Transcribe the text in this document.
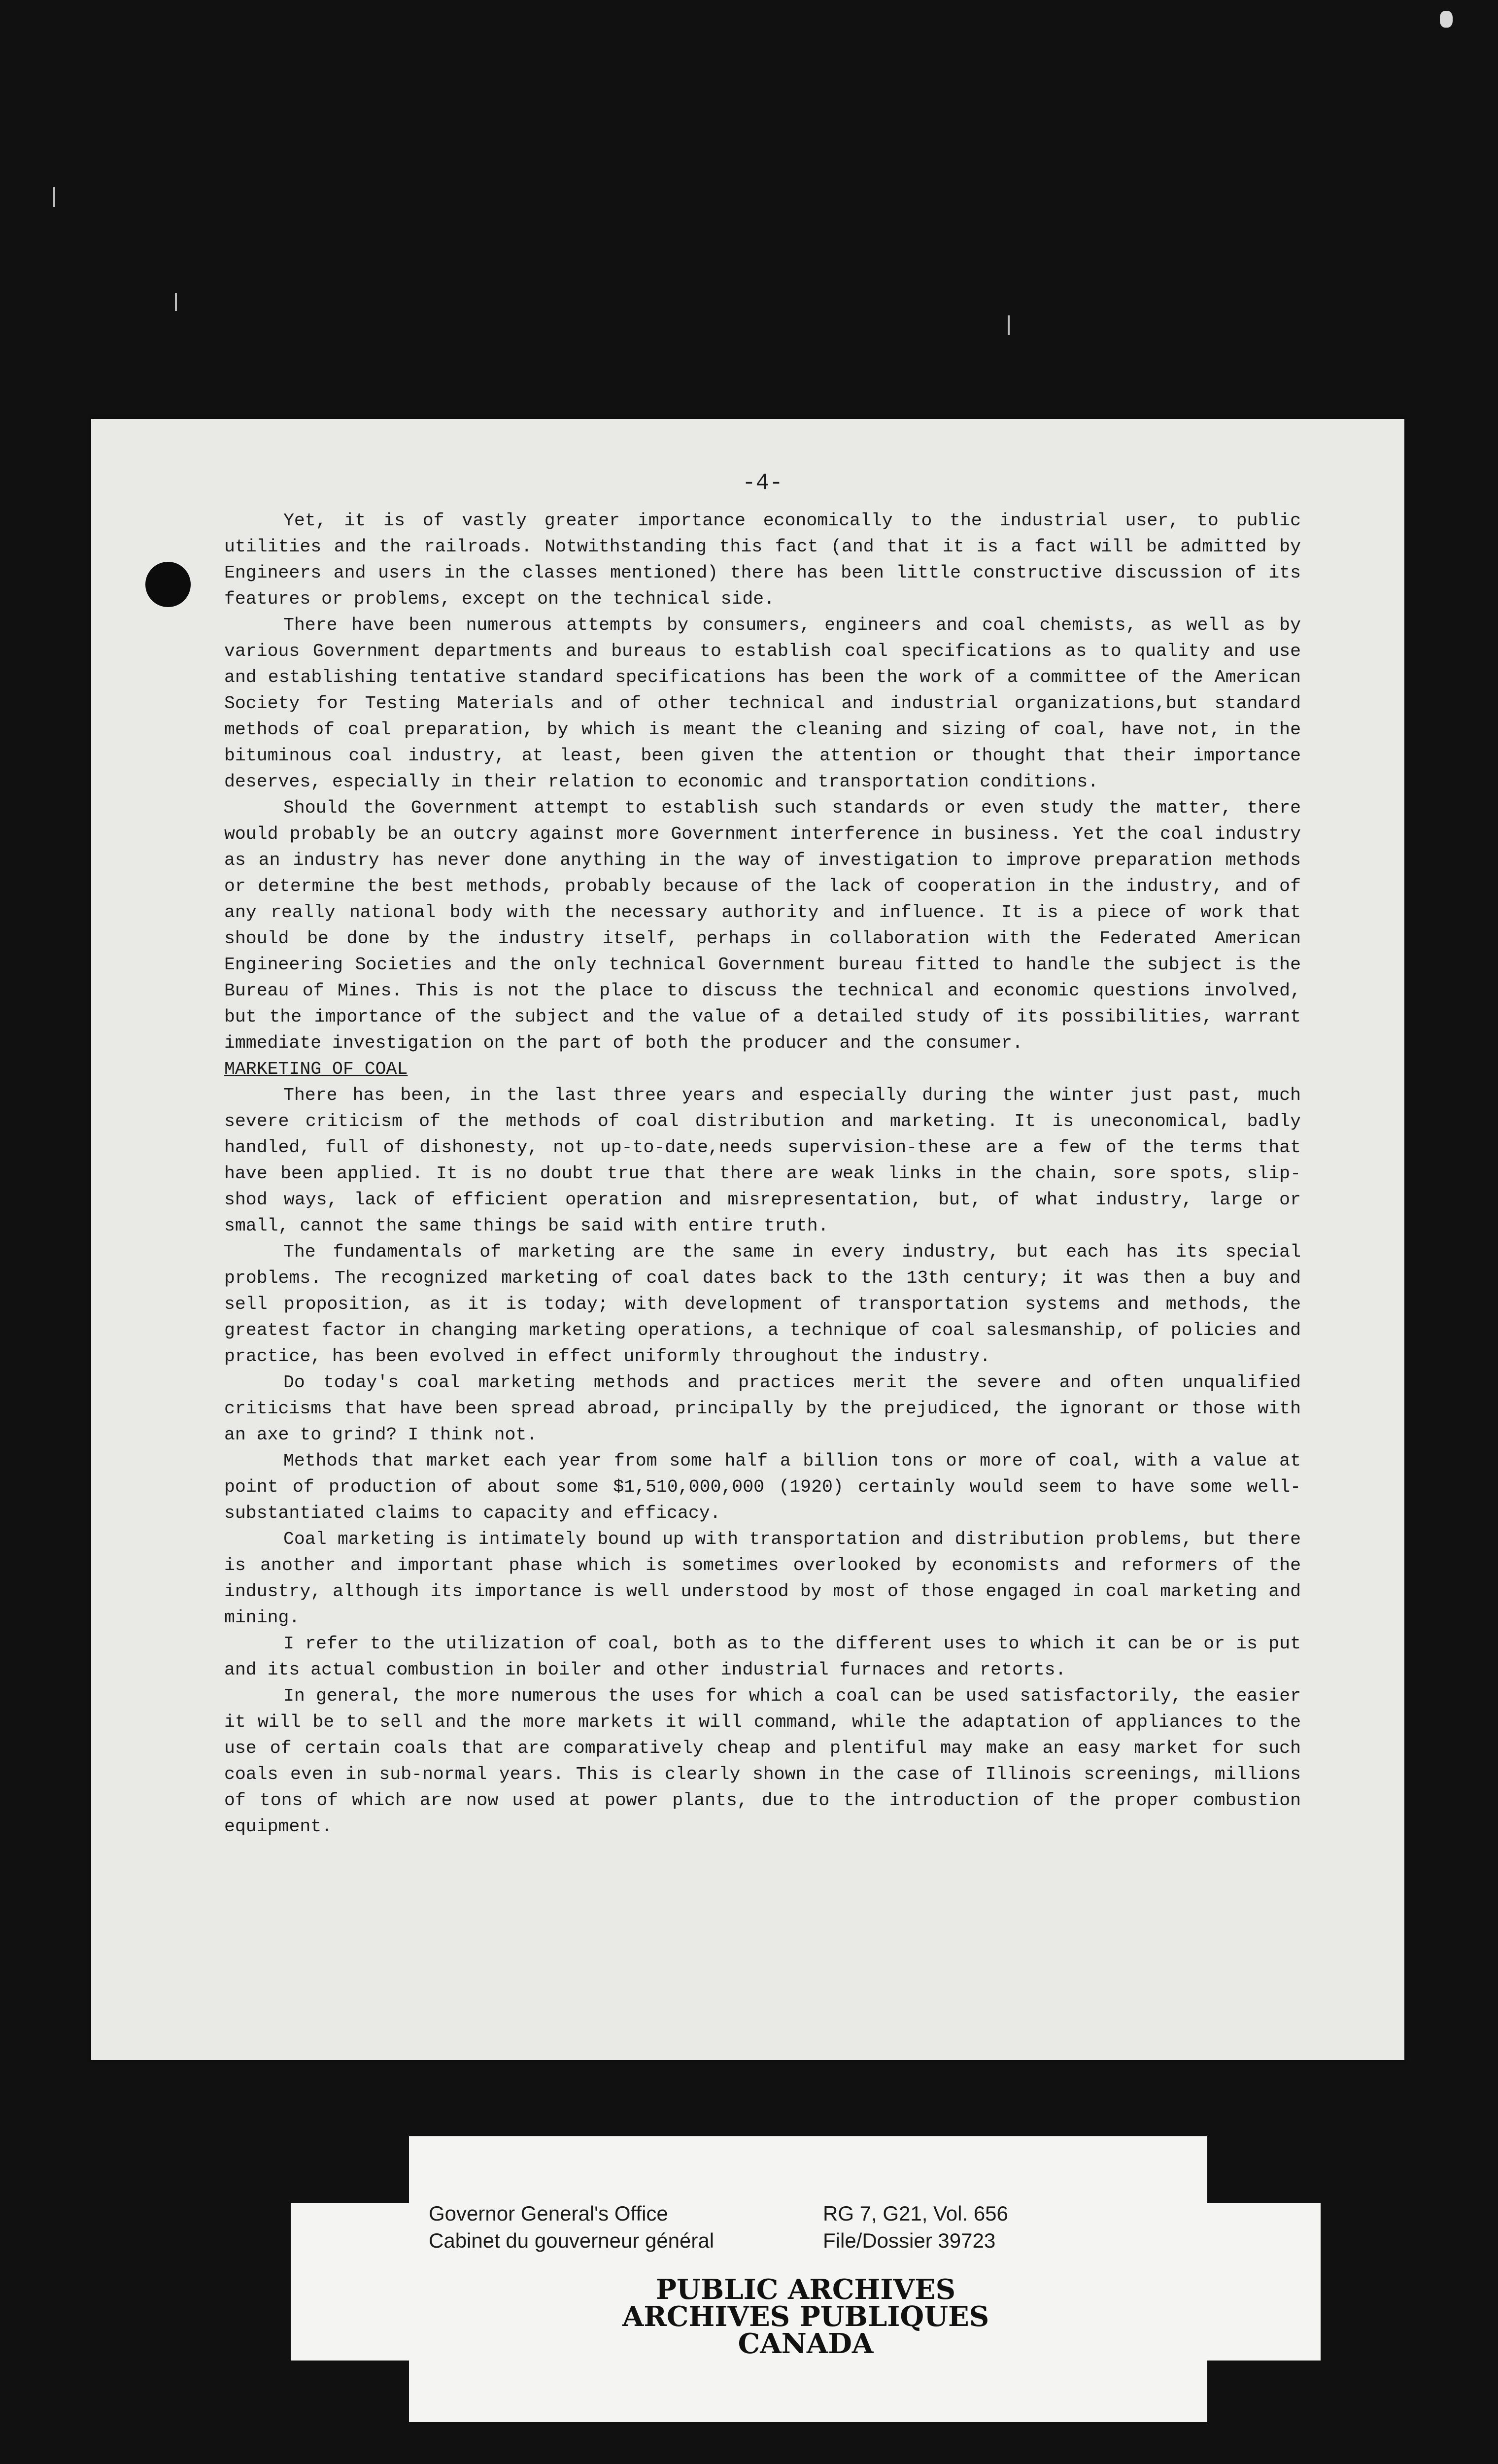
-4-

Yet, it is of vastly greater importance economically to the industrial user, to public utilities and the railroads. Notwithstanding this fact (and that it is a fact will be admitted by Engineers and users in the classes mentioned) there has been little constructive discussion of its features or problems, except on the technical side.

There have been numerous attempts by consumers, engineers and coal chemists, as well as by various Government departments and bureaus to establish coal specifications as to quality and use and establishing tentative standard specifications has been the work of a committee of the American Society for Testing Materials and of other technical and industrial organizations,but standard methods of coal preparation, by which is meant the cleaning and sizing of coal, have not, in the bituminous coal industry, at least, been given the attention or thought that their importance deserves, especially in their relation to economic and transportation conditions.

Should the Government attempt to establish such standards or even study the matter, there would probably be an outcry against more Government interference in business. Yet the coal industry as an industry has never done anything in the way of investigation to improve preparation methods or determine the best methods, probably because of the lack of cooperation in the industry, and of any really national body with the necessary authority and influence. It is a piece of work that should be done by the industry itself, perhaps in collaboration with the Federated American Engineering Societies and the only technical Government bureau fitted to handle the subject is the Bureau of Mines. This is not the place to discuss the technical and economic questions involved, but the importance of the subject and the value of a detailed study of its possibilities, warrant immediate investigation on the part of both the producer and the consumer.

MARKETING OF COAL

There has been, in the last three years and especially during the winter just past, much severe criticism of the methods of coal distribution and marketing. It is uneconomical, badly handled, full of dishonesty, not up-to-date,needs supervision-these are a few of the terms that have been applied. It is no doubt true that there are weak links in the chain, sore spots, slip-shod ways, lack of efficient operation and misrepresentation, but, of what industry, large or small, cannot the same things be said with entire truth.

The fundamentals of marketing are the same in every industry, but each has its special problems. The recognized marketing of coal dates back to the 13th century; it was then a buy and sell proposition, as it is today; with development of transportation systems and methods, the greatest factor in changing marketing operations, a technique of coal salesmanship, of policies and practice, has been evolved in effect uniformly throughout the industry.

Do today's coal marketing methods and practices merit the severe and often unqualified criticisms that have been spread abroad, principally by the prejudiced, the ignorant or those with an axe to grind? I think not.

Methods that market each year from some half a billion tons or more of coal, with a value at point of production of about some $1,510,000,000 (1920) certainly would seem to have some well-substantiated claims to capacity and efficacy.

Coal marketing is intimately bound up with transportation and distribution problems, but there is another and important phase which is sometimes overlooked by economists and reformers of the industry, although its importance is well understood by most of those engaged in coal marketing and mining.

I refer to the utilization of coal, both as to the different uses to which it can be or is put and its actual combustion in boiler and other industrial furnaces and retorts.

In general, the more numerous the uses for which a coal can be used satisfactorily, the easier it will be to sell and the more markets it will command, while the adaptation of appliances to the use of certain coals that are comparatively cheap and plentiful may make an easy market for such coals even in sub-normal years. This is clearly shown in the case of Illinois screenings, millions of tons of which are now used at power plants, due to the introduction of the proper combustion equipment.

Governor General's Office
Cabinet du gouverneur général
RG 7, G21, Vol. 656
File/Dossier 39723
PUBLIC ARCHIVES
ARCHIVES PUBLIQUES
CANADA
